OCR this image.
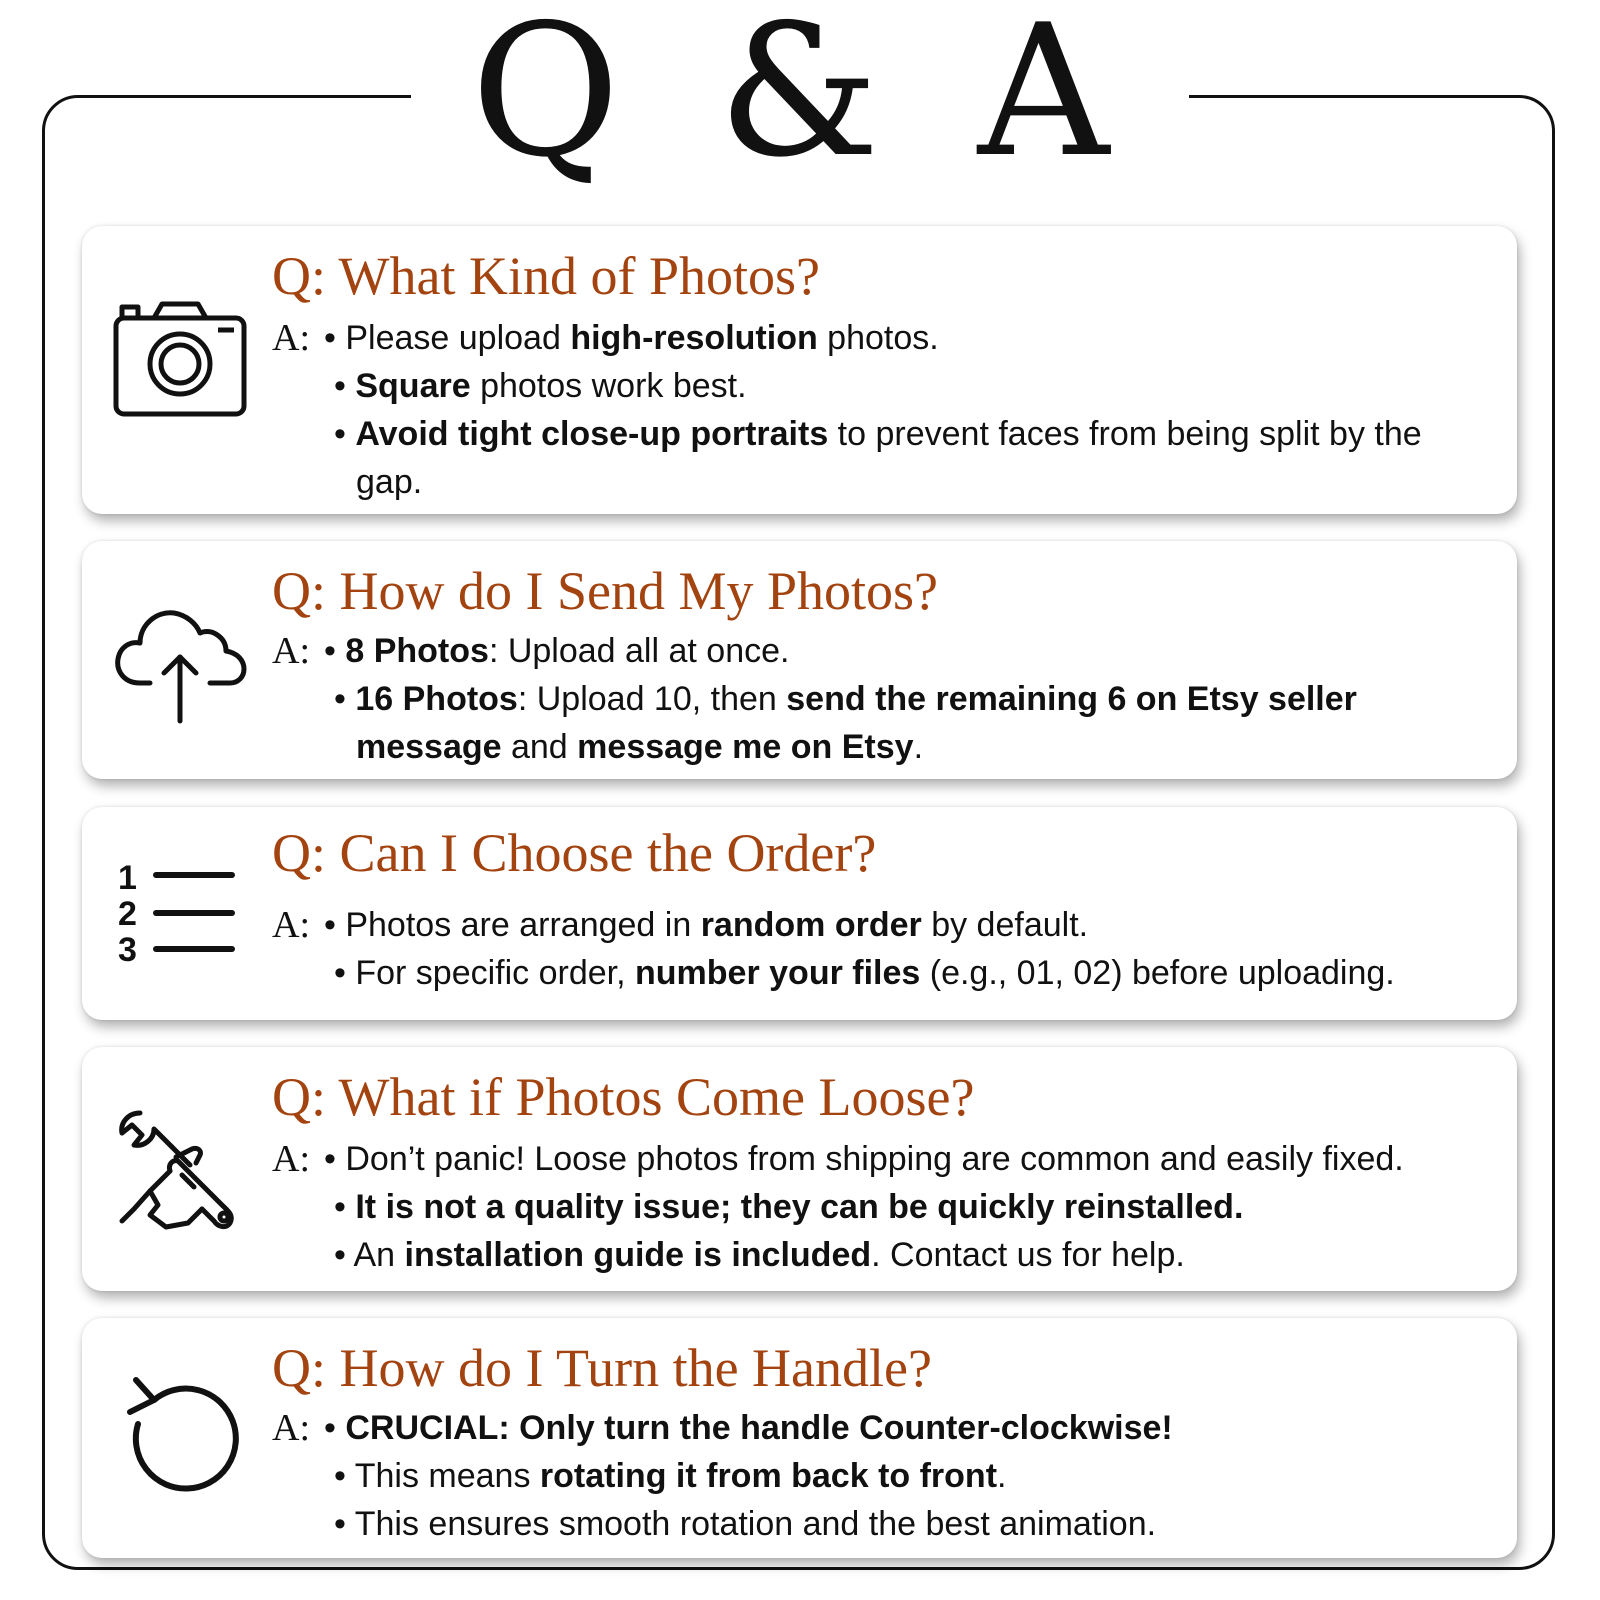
Q & A
Q: What Kind of Photos?
A: • Please upload high-resolution photos.
• Square photos work best.
• Avoid tight close-up portraits to prevent faces from being split by the gap.
Q: How do I Send My Photos?
A: • 8 Photos: Upload all at once.
• 16 Photos: Upload 10, then send the remaining 6 on Etsy seller message and message me on Etsy.
1
2
3
Q: Can I Choose the Order?
A: • Photos are arranged in random order by default.
• For specific order, number your files (e.g., 01, 02) before uploading.
Q: What if Photos Come Loose?
A: • Don’t panic! Loose photos from shipping are common and easily fixed.
• It is not a quality issue; they can be quickly reinstalled.
• An installation guide is included. Contact us for help.
Q: How do I Turn the Handle?
A: • CRUCIAL: Only turn the handle Counter-clockwise!
• This means rotating it from back to front.
• This ensures smooth rotation and the best animation.
